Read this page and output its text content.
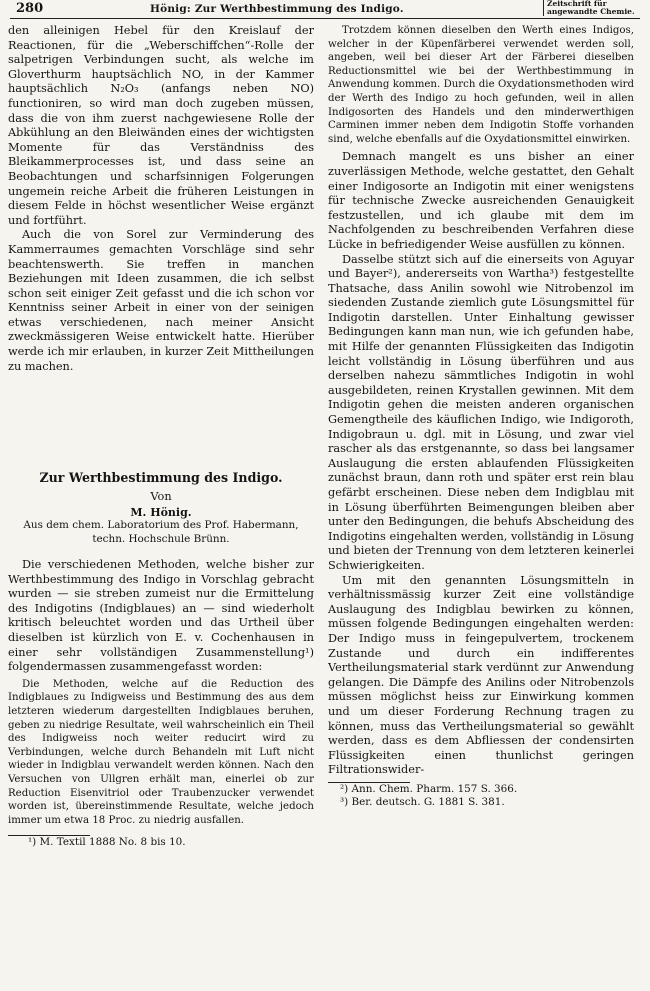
280	Hönig: Zur Werthbestimmung des Indigo.	Zeitschrift für
angewandte Chemie.

den alleinigen Hebel für den Kreislauf der Reactionen, für die „Weberschiffchen“-Rolle der salpetrigen Verbindungen sucht, als welche im Gloverthurm hauptsächlich NO, in der Kammer hauptsächlich N₂O₃ (anfangs neben NO) functioniren, so wird man doch zugeben müssen, dass die von ihm zuerst nachgewiesene Rolle der Abkühlung an den Bleiwänden eines der wichtigsten Momente für das Verständniss des Bleikammerprocesses ist, und dass seine an Beobachtungen und scharfsinnigen Folgerungen ungemein reiche Arbeit die früheren Leistungen in diesem Felde in höchst wesentlicher Weise ergänzt und fortführt.

Auch die von Sorel zur Verminderung des Kammerraumes gemachten Vorschläge sind sehr beachtenswerth. Sie treffen in manchen Beziehungen mit Ideen zusammen, die ich selbst schon seit einiger Zeit gefasst und die ich schon vor Kenntniss seiner Arbeit in einer von der seinigen etwas verschiedenen, nach meiner Ansicht zweckmässigeren Weise entwickelt hatte. Hierüber werde ich mir erlauben, in kurzer Zeit Mittheilungen zu machen.

Zur Werthbestimmung des Indigo.

Von

M. Hönig.

Aus dem chem. Laboratorium des Prof. Habermann, techn. Hochschule Brünn.

Die verschiedenen Methoden, welche bisher zur Werthbestimmung des Indigo in Vorschlag gebracht wurden — sie streben zumeist nur die Ermittelung des Indigotins (Indigblaues) an — sind wiederholt kritisch beleuchtet worden und das Urtheil über dieselben ist kürzlich von E. v. Cochenhausen in einer sehr vollständigen Zusammenstellung¹) folgendermassen zusammengefasst worden:

Die Methoden, welche auf die Reduction des Indigblaues zu Indigweiss und Bestimmung des aus dem letzteren wiederum dargestellten Indigblaues beruhen, geben zu niedrige Resultate, weil wahrscheinlich ein Theil des Indigweiss noch weiter reducirt wird zu Verbindungen, welche durch Behandeln mit Luft nicht wieder in Indigblau verwandelt werden können. Nach den Versuchen von Ullgren erhält man, einerlei ob zur Reduction Eisenvitriol oder Traubenzucker verwendet worden ist, übereinstimmende Resultate, welche jedoch immer um etwa 18 Proc. zu niedrig ausfallen.

¹) M. Textil 1888 No. 8 bis 10.

Trotzdem können dieselben den Werth eines Indigos, welcher in der Küpenfärberei verwendet werden soll, angeben, weil bei dieser Art der Färberei dieselben Reductionsmittel wie bei der Werthbestimmung in Anwendung kommen. Durch die Oxydationsmethoden wird der Werth des Indigo zu hoch gefunden, weil in allen Indigosorten des Handels und den minderwerthigen Carminen immer neben dem Indigotin Stoffe vorhanden sind, welche ebenfalls auf die Oxydationsmittel einwirken.

Demnach mangelt es uns bisher an einer zuverlässigen Methode, welche gestattet, den Gehalt einer Indigosorte an Indigotin mit einer wenigstens für technische Zwecke ausreichenden Genauigkeit festzustellen, und ich glaube mit dem im Nachfolgenden zu beschreibenden Verfahren diese Lücke in befriedigender Weise ausfüllen zu können.

Dasselbe stützt sich auf die einerseits von Aguyar und Bayer²), andererseits von Wartha³) festgestellte Thatsache, dass Anilin sowohl wie Nitrobenzol im siedenden Zustande ziemlich gute Lösungsmittel für Indigotin darstellen. Unter Einhaltung gewisser Bedingungen kann man nun, wie ich gefunden habe, mit Hilfe der genannten Flüssigkeiten das Indigotin leicht vollständig in Lösung überführen und aus derselben nahezu sämmtliches Indigotin in wohl ausgebildeten, reinen Krystallen gewinnen. Mit dem Indigotin gehen die meisten anderen organischen Gemengtheile des käuflichen Indigo, wie Indigoroth, Indigobraun u. dgl. mit in Lösung, und zwar viel rascher als das erstgenannte, so dass bei langsamer Auslaugung die ersten ablaufenden Flüssigkeiten zunächst braun, dann roth und später erst rein blau gefärbt erscheinen. Diese neben dem Indigblau mit in Lösung überführten Beimengungen bleiben aber unter den Bedingungen, die behufs Abscheidung des Indigotins eingehalten werden, vollständig in Lösung und bieten der Trennung von dem letzteren keinerlei Schwierigkeiten.

Um mit den genannten Lösungsmitteln in verhältnissmässig kurzer Zeit eine vollständige Auslaugung des Indigblau bewirken zu können, müssen folgende Bedingungen eingehalten werden: Der Indigo muss in feingepulvertem, trockenem Zustande und durch ein indifferentes Vertheilungsmaterial stark verdünnt zur Anwendung gelangen. Die Dämpfe des Anilins oder Nitrobenzols müssen möglichst heiss zur Einwirkung kommen und um dieser Forderung Rechnung tragen zu können, muss das Vertheilungsmaterial so gewählt werden, dass es dem Abfliessen der condensirten Flüssigkeiten einen thunlichst geringen Filtrationswider-

²) Ann. Chem. Pharm. 157 S. 366.

³) Ber. deutsch. G. 1881 S. 381.
